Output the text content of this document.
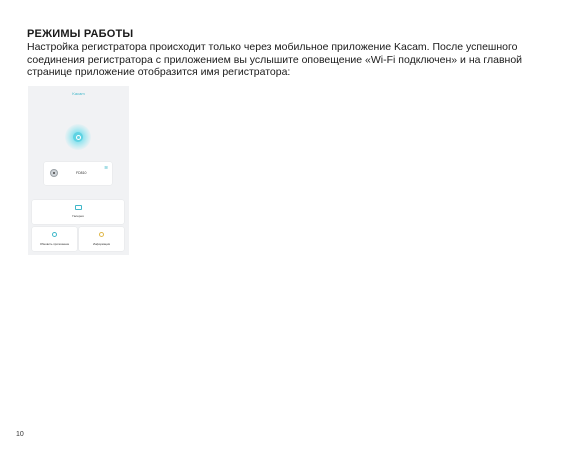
РЕЖИМЫ РАБОТЫ
Настройка регистратора происходит только через мобильное приложение Kacam. После успешного соединения регистратора с приложением вы услышите оповещение «Wi-Fi подключен» и на главной странице приложение отобразится имя регистратора:
Kacam
FD810
≋
Галерея
Обновить приложение	Информация
10
